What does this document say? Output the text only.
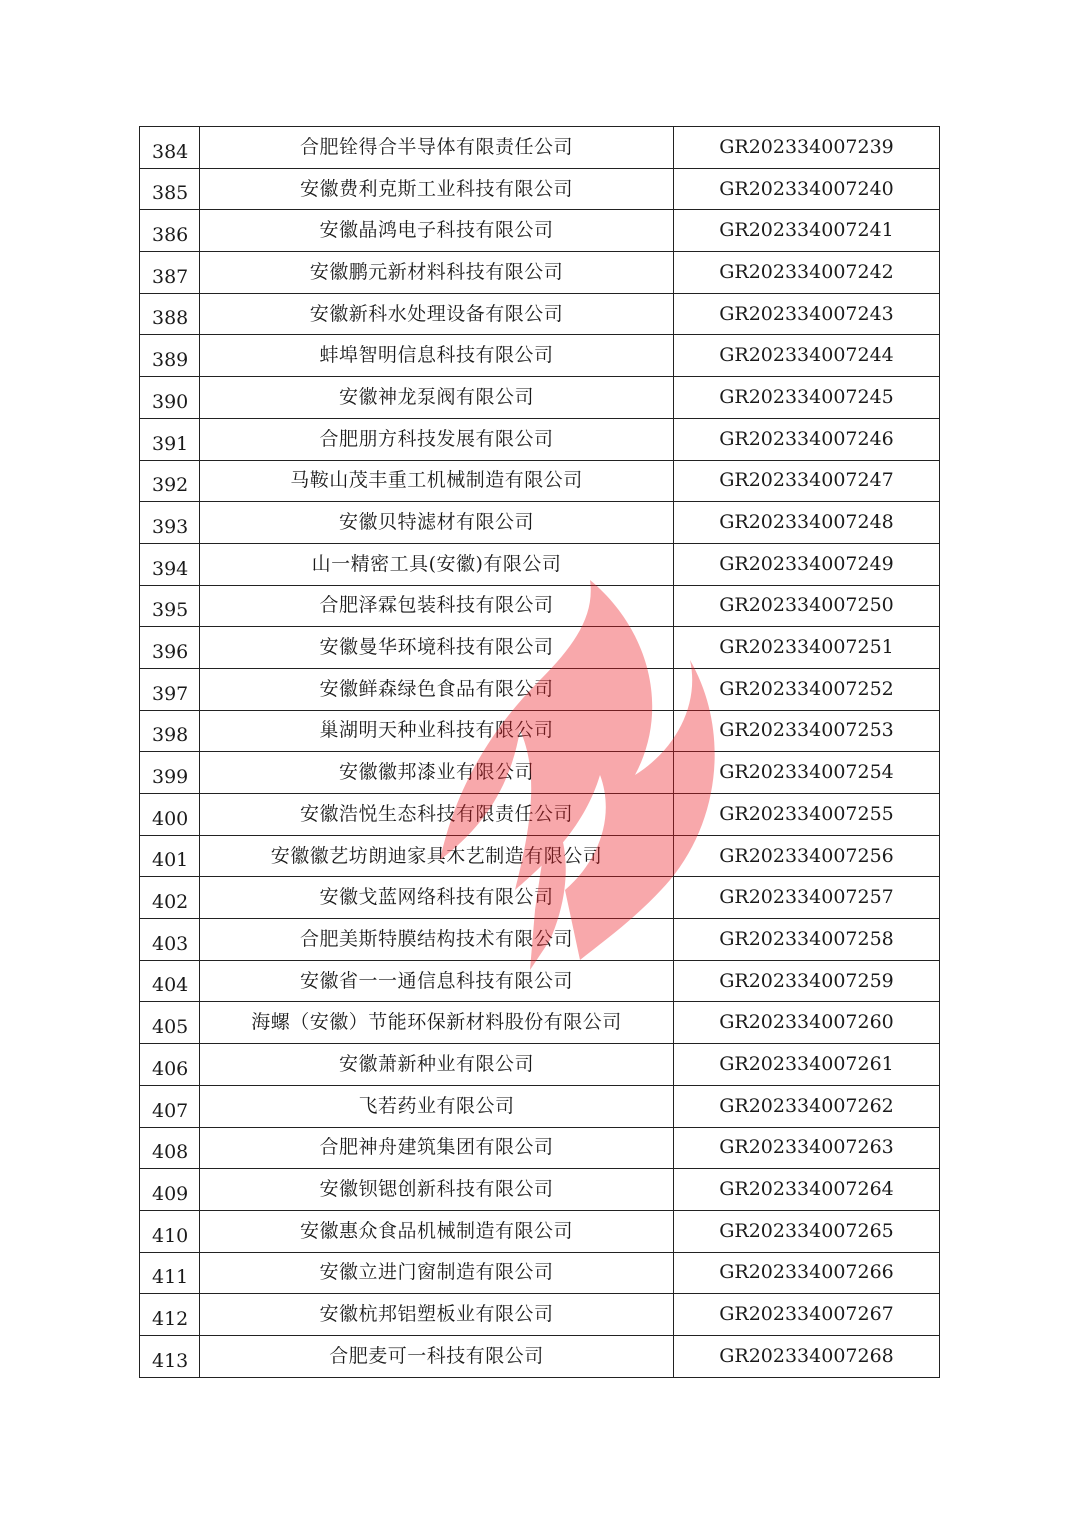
384	合肥铨得合半导体有限责任公司	GR202334007239
385	安徽费利克斯工业科技有限公司	GR202334007240
386	安徽晶鸿电子科技有限公司	GR202334007241
387	安徽鹏元新材料科技有限公司	GR202334007242
388	安徽新科水处理设备有限公司	GR202334007243
389	蚌埠智明信息科技有限公司	GR202334007244
390	安徽神龙泵阀有限公司	GR202334007245
391	合肥朋方科技发展有限公司	GR202334007246
392	马鞍山茂丰重工机械制造有限公司	GR202334007247
393	安徽贝特滤材有限公司	GR202334007248
394	山一精密工具(安徽)有限公司	GR202334007249
395	合肥泽霖包装科技有限公司	GR202334007250
396	安徽曼华环境科技有限公司	GR202334007251
397	安徽鲜森绿色食品有限公司	GR202334007252
398	巢湖明天种业科技有限公司	GR202334007253
399	安徽徽邦漆业有限公司	GR202334007254
400	安徽浩悦生态科技有限责任公司	GR202334007255
401	安徽徽艺坊朗迪家具木艺制造有限公司	GR202334007256
402	安徽戈蓝网络科技有限公司	GR202334007257
403	合肥美斯特膜结构技术有限公司	GR202334007258
404	安徽省一一通信息科技有限公司	GR202334007259
405	海螺（安徽）节能环保新材料股份有限公司	GR202334007260
406	安徽萧新种业有限公司	GR202334007261
407	飞若药业有限公司	GR202334007262
408	合肥神舟建筑集团有限公司	GR202334007263
409	安徽钡锶创新科技有限公司	GR202334007264
410	安徽惠众食品机械制造有限公司	GR202334007265
411	安徽立进门窗制造有限公司	GR202334007266
412	安徽杭邦铝塑板业有限公司	GR202334007267
413	合肥麦可一科技有限公司	GR202334007268
